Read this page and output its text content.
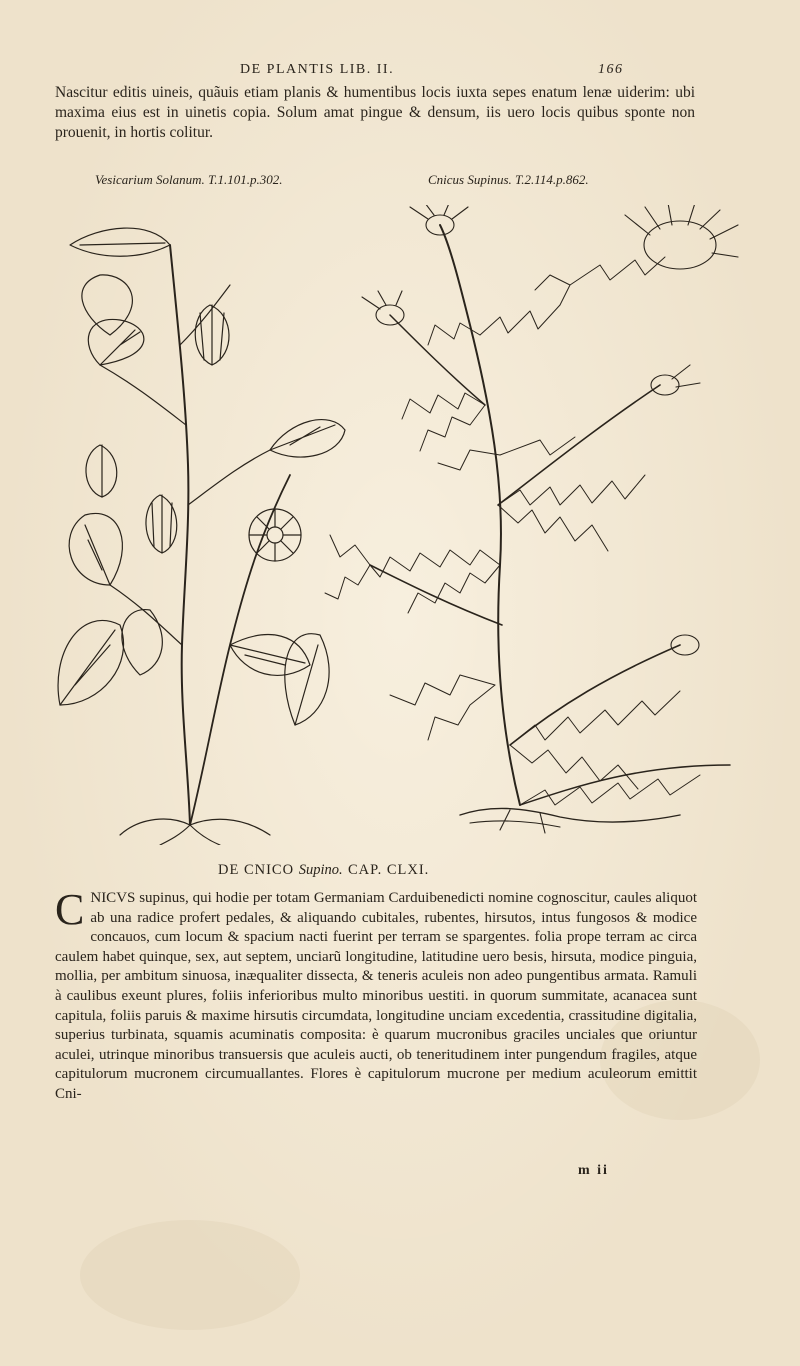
DE PLANTIS LIB. II.	166

Nascitur editis uineis, quãuis etiam planis & humentibus locis iuxta sepes enatum lenæ uiderim: ubi maxima eius est in uinetis copia. Solum amat pingue & densum, iis uero locis quibus sponte non prouenit, in hortis colitur.

Vesicarium Solanum. T.1.101.p.302.	Cnicus Supinus. T.2.114.p.862.
DE CNICO Supino. CAP. CLXI.
C NICVS supinus, qui hodie per totam Germaniam Carduibenedicti nomine cognoscitur, caules aliquot ab una radice profert pedales, & aliquando cubitales, rubentes, hirsutos, intus fungosos & modice concauos, cum locum & spacium nacti fuerint per terram se spargentes. folia prope terram ac circa caulem habet quinque, sex, aut septem, unciarũ longitudine, latitudine uero besis, hirsuta, modice pinguia, mollia, per ambitum sinuosa, inæqualiter dissecta, & teneris aculeis non adeo pungentibus armata. Ramuli à caulibus exeunt plures, foliis inferioribus multo minoribus uestiti. in quorum summitate, acanacea sunt capitula, foliis paruis & maxime hirsutis circumdata, longitudine unciam excedentia, crassitudine digitalia, superius turbinata, squamis acuminatis composita: è quarum mucronibus graciles unciales que oriuntur aculei, utrinque minoribus transuersis que aculeis aucti, ob teneritudinem inter pungendum fragiles, atque capitulorum mucronem circumuallantes. Flores è capitulorum mucrone per medium aculeorum emittit Cni-

m ii
